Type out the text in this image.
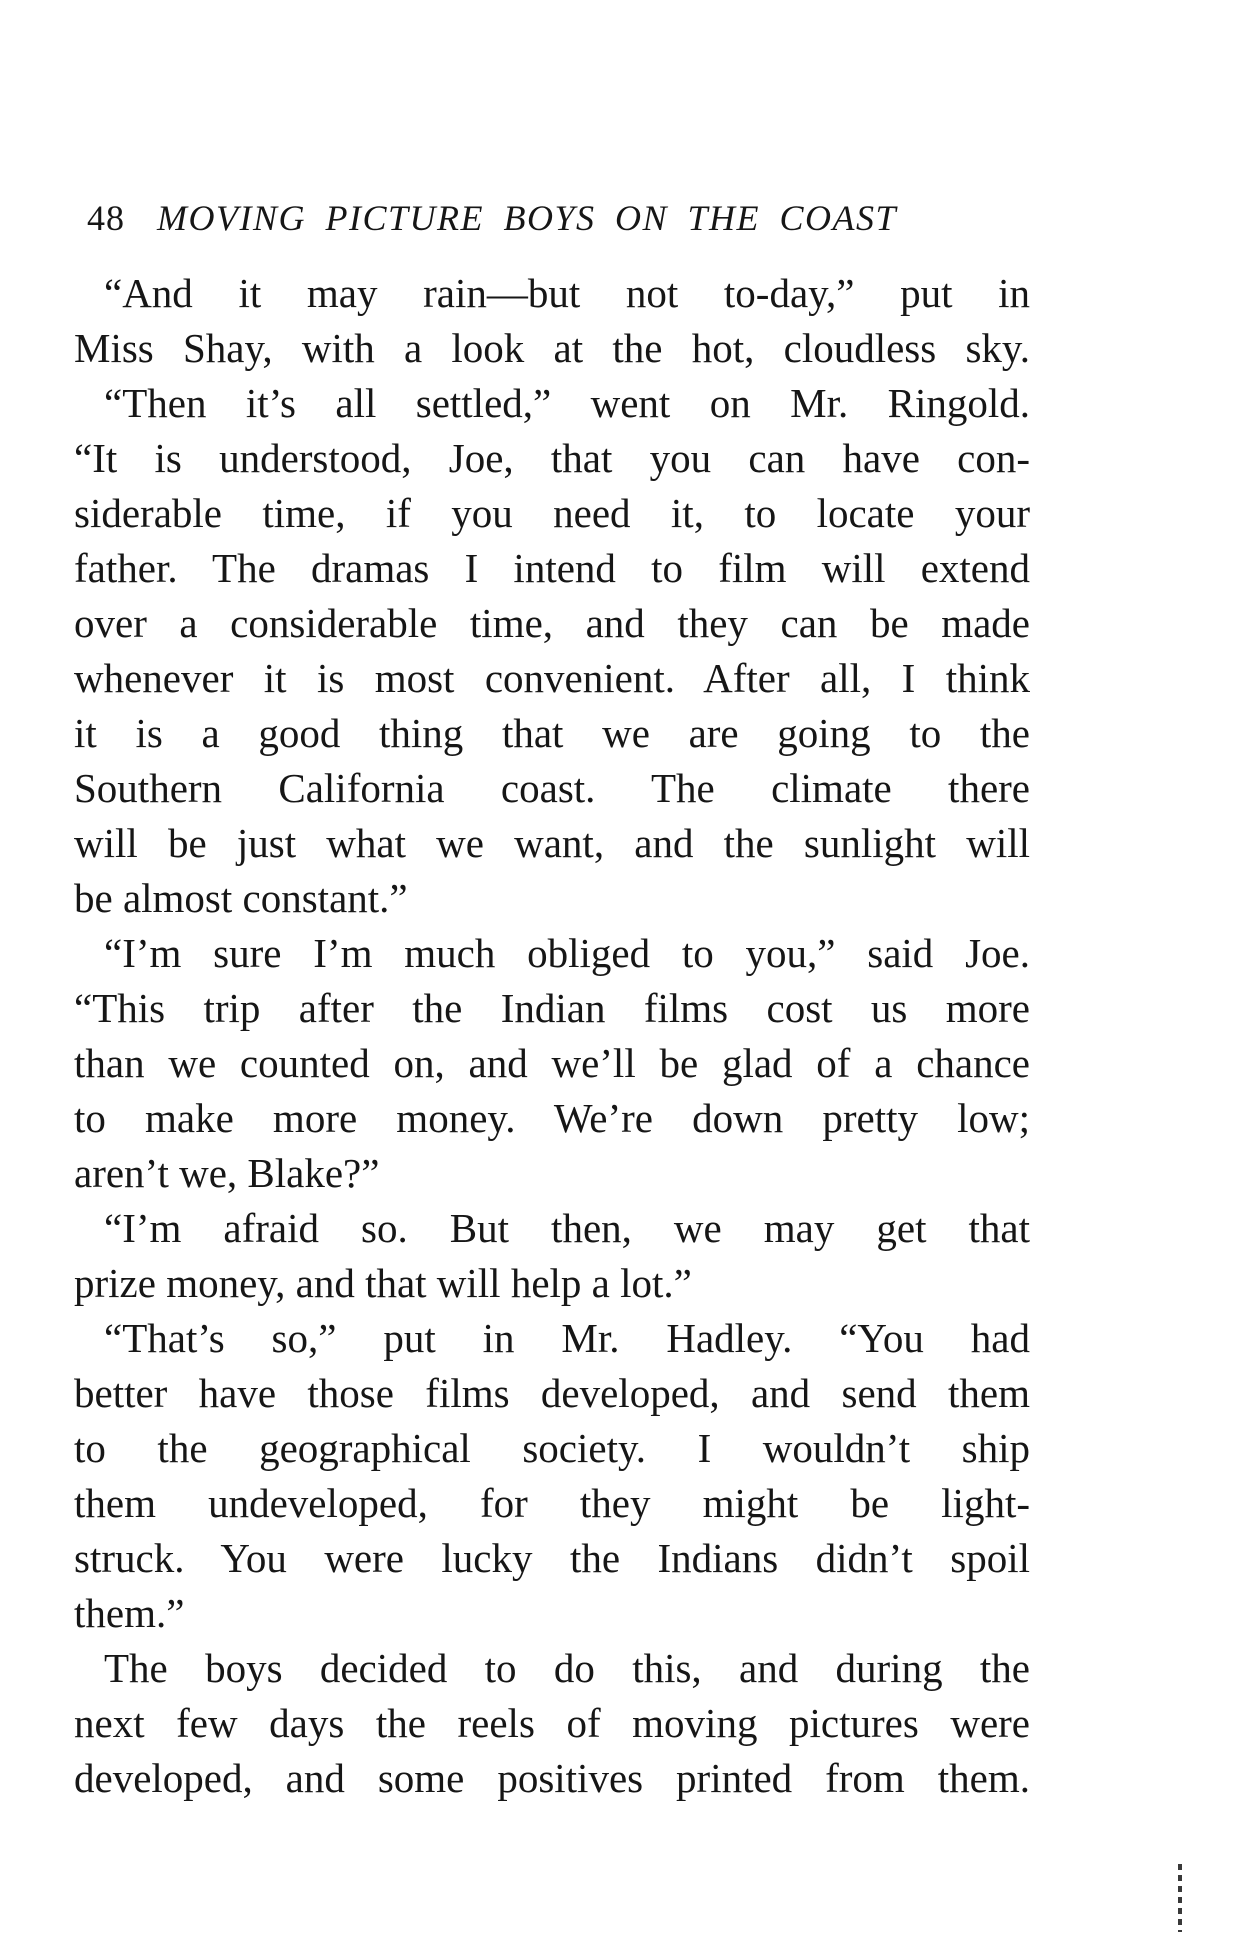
48 MOVING PICTURE BOYS ON THE COAST

“And it may rain—but not to-day,” put in
Miss Shay, with a look at the hot, cloudless sky.

“Then it’s all settled,” went on Mr. Ringold.
“It is understood, Joe, that you can have con-
siderable time, if you need it, to locate your
father. The dramas I intend to film will extend
over a considerable time, and they can be made
whenever it is most convenient. After all, I think
it is a good thing that we are going to the
Southern California coast. The climate there
will be just what we want, and the sunlight will
be almost constant.”

“I’m sure I’m much obliged to you,” said Joe.
“This trip after the Indian films cost us more
than we counted on, and we’ll be glad of a chance
to make more money. We’re down pretty low;
aren’t we, Blake?”

“I’m afraid so. But then, we may get that
prize money, and that will help a lot.”

“That’s so,” put in Mr. Hadley. “You had
better have those films developed, and send them
to the geographical society. I wouldn’t ship
them undeveloped, for they might be light-
struck. You were lucky the Indians didn’t spoil
them.”

The boys decided to do this, and during the
next few days the reels of moving pictures were
developed, and some positives printed from them.
